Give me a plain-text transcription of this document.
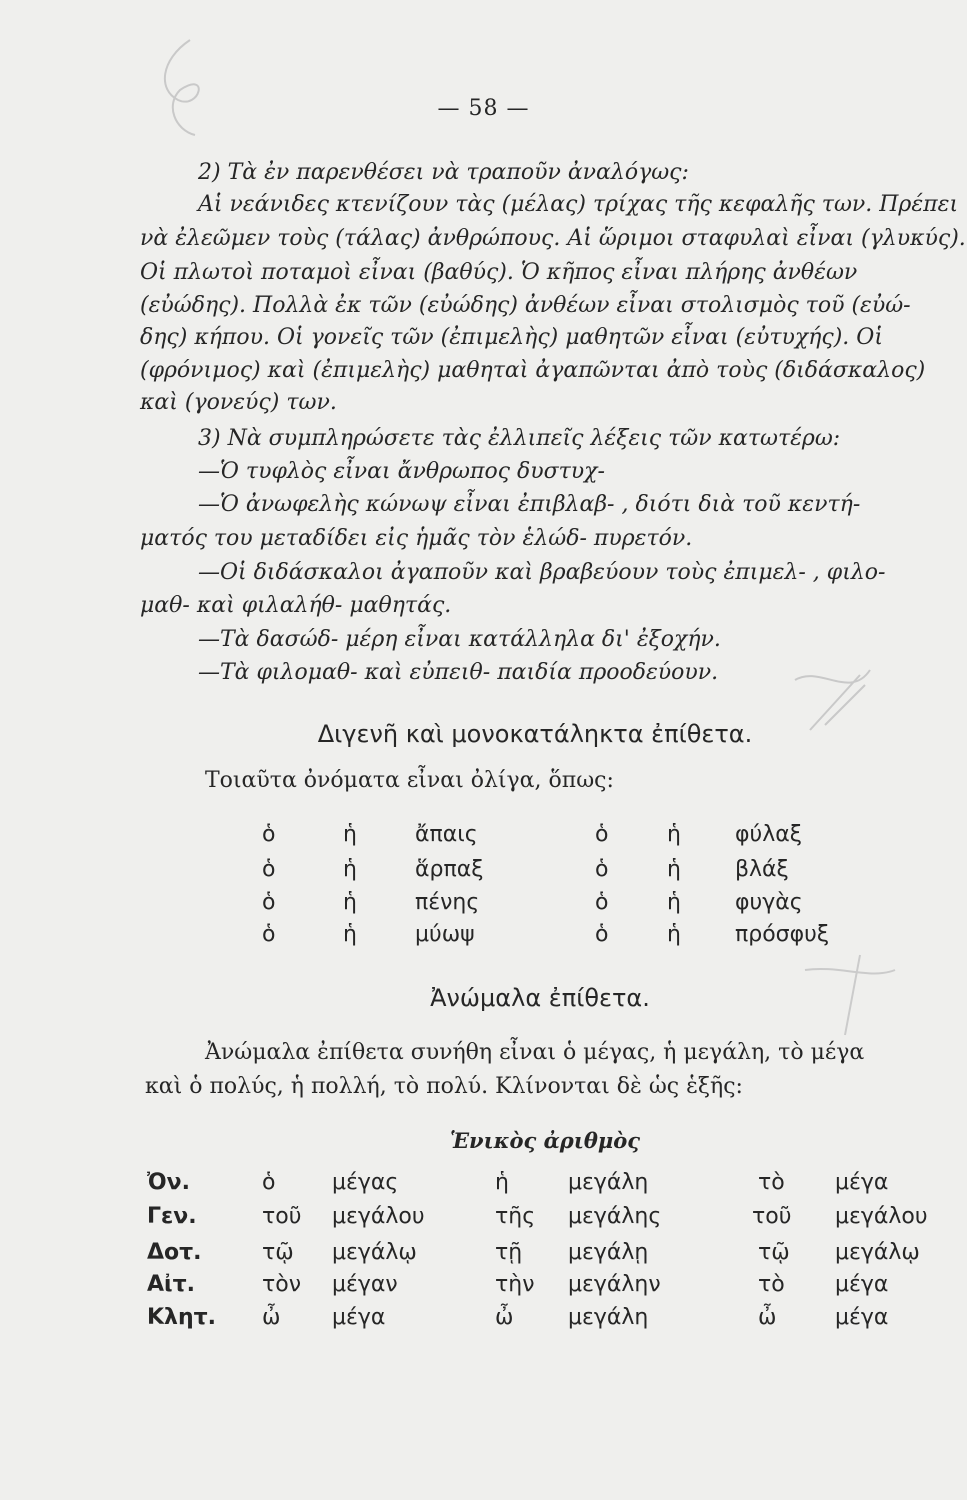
— 58 —
2) Τὰ ἐν παρενθέσει νὰ τραποῦν ἀναλόγως:
Αἱ νεάνιδες κτενίζουν τὰς (μέλας) τρίχας τῆς κεφαλῆς των. Πρέπει
νὰ ἐλεῶμεν τοὺς (τάλας) ἀνθρώπους. Αἱ ὥριμοι σταφυλαὶ εἶναι (γλυκύς).
Οἱ πλωτοὶ ποταμοὶ εἶναι (βαθύς). Ὁ κῆπος εἶναι πλήρης ἀνθέων
(εὐώδης). Πολλὰ ἐκ τῶν (εὐώδης) ἀνθέων εἶναι στολισμὸς τοῦ (εὐώ-
δης) κήπου. Οἱ γονεῖς τῶν (ἐπιμελὴς) μαθητῶν εἶναι (εὐτυχής). Οἱ
(φρόνιμος) καὶ (ἐπιμελὴς) μαθηταὶ ἀγαπῶνται ἀπὸ τοὺς (διδάσκαλος)
καὶ (γονεύς) των.
3) Νὰ συμπληρώσετε τὰς ἐλλιπεῖς λέξεις τῶν κατωτέρω:
—Ὁ τυφλὸς εἶναι ἄνθρωπος δυστυχ-
—Ὁ ἀνωφελὴς κώνωψ εἶναι ἐπιβλαβ- , διότι διὰ τοῦ κεντή-
ματός του μεταδίδει εἰς ἡμᾶς τὸν ἑλώδ- πυρετόν.
—Οἱ διδάσκαλοι ἀγαποῦν καὶ βραβεύουν τοὺς ἐπιμελ- , φιλο-
μαθ- καὶ φιλαλήθ- μαθητάς.
—Τὰ δασώδ- μέρη εἶναι κατάλληλα δι' ἐξοχήν.
—Τὰ φιλομαθ- καὶ εὐπειθ- παιδία προοδεύουν.
Διγενῆ καὶ μονοκατάληκτα ἐπίθετα.
Τοιαῦτα ὀνόματα εἶναι ὀλίγα, ὅπως:
ὁ	ἡ	ἄπαις	ὁ	ἡ φύλαξ
ὁ	ἡ	ἅρπαξ	ὁ	ἡ βλάξ
ὁ	ἡ	πένης	ὁ	ἡ φυγὰς
ὁ	ἡ	μύωψ	ὁ	ἡ πρόσφυξ
Ἀνώμαλα ἐπίθετα.
Ἀνώμαλα ἐπίθετα συνήθη εἶναι ὁ μέγας, ἡ μεγάλη, τὸ μέγα
καὶ ὁ πολύς, ἡ πολλή, τὸ πολύ. Κλίνονται δὲ ὡς ἑξῆς:
Ἑνικὸς ἀριθμὸς
Ὀν.	ὁ	μέγας	ἡ	μεγάλη	τὸ μέγα
Γεν.	τοῦ μεγάλου	τῆς μεγάλης	τοῦ μεγάλου
Δοτ.	τῷ μεγάλῳ	τῇ μεγάλῃ	τῷ μεγάλῳ
Αἰτ.	τὸν μέγαν	τὴν μεγάλην	τὸ μέγα
Κλητ. ὦ μέγα	ὦ μεγάλη	ὦ	μέγα
